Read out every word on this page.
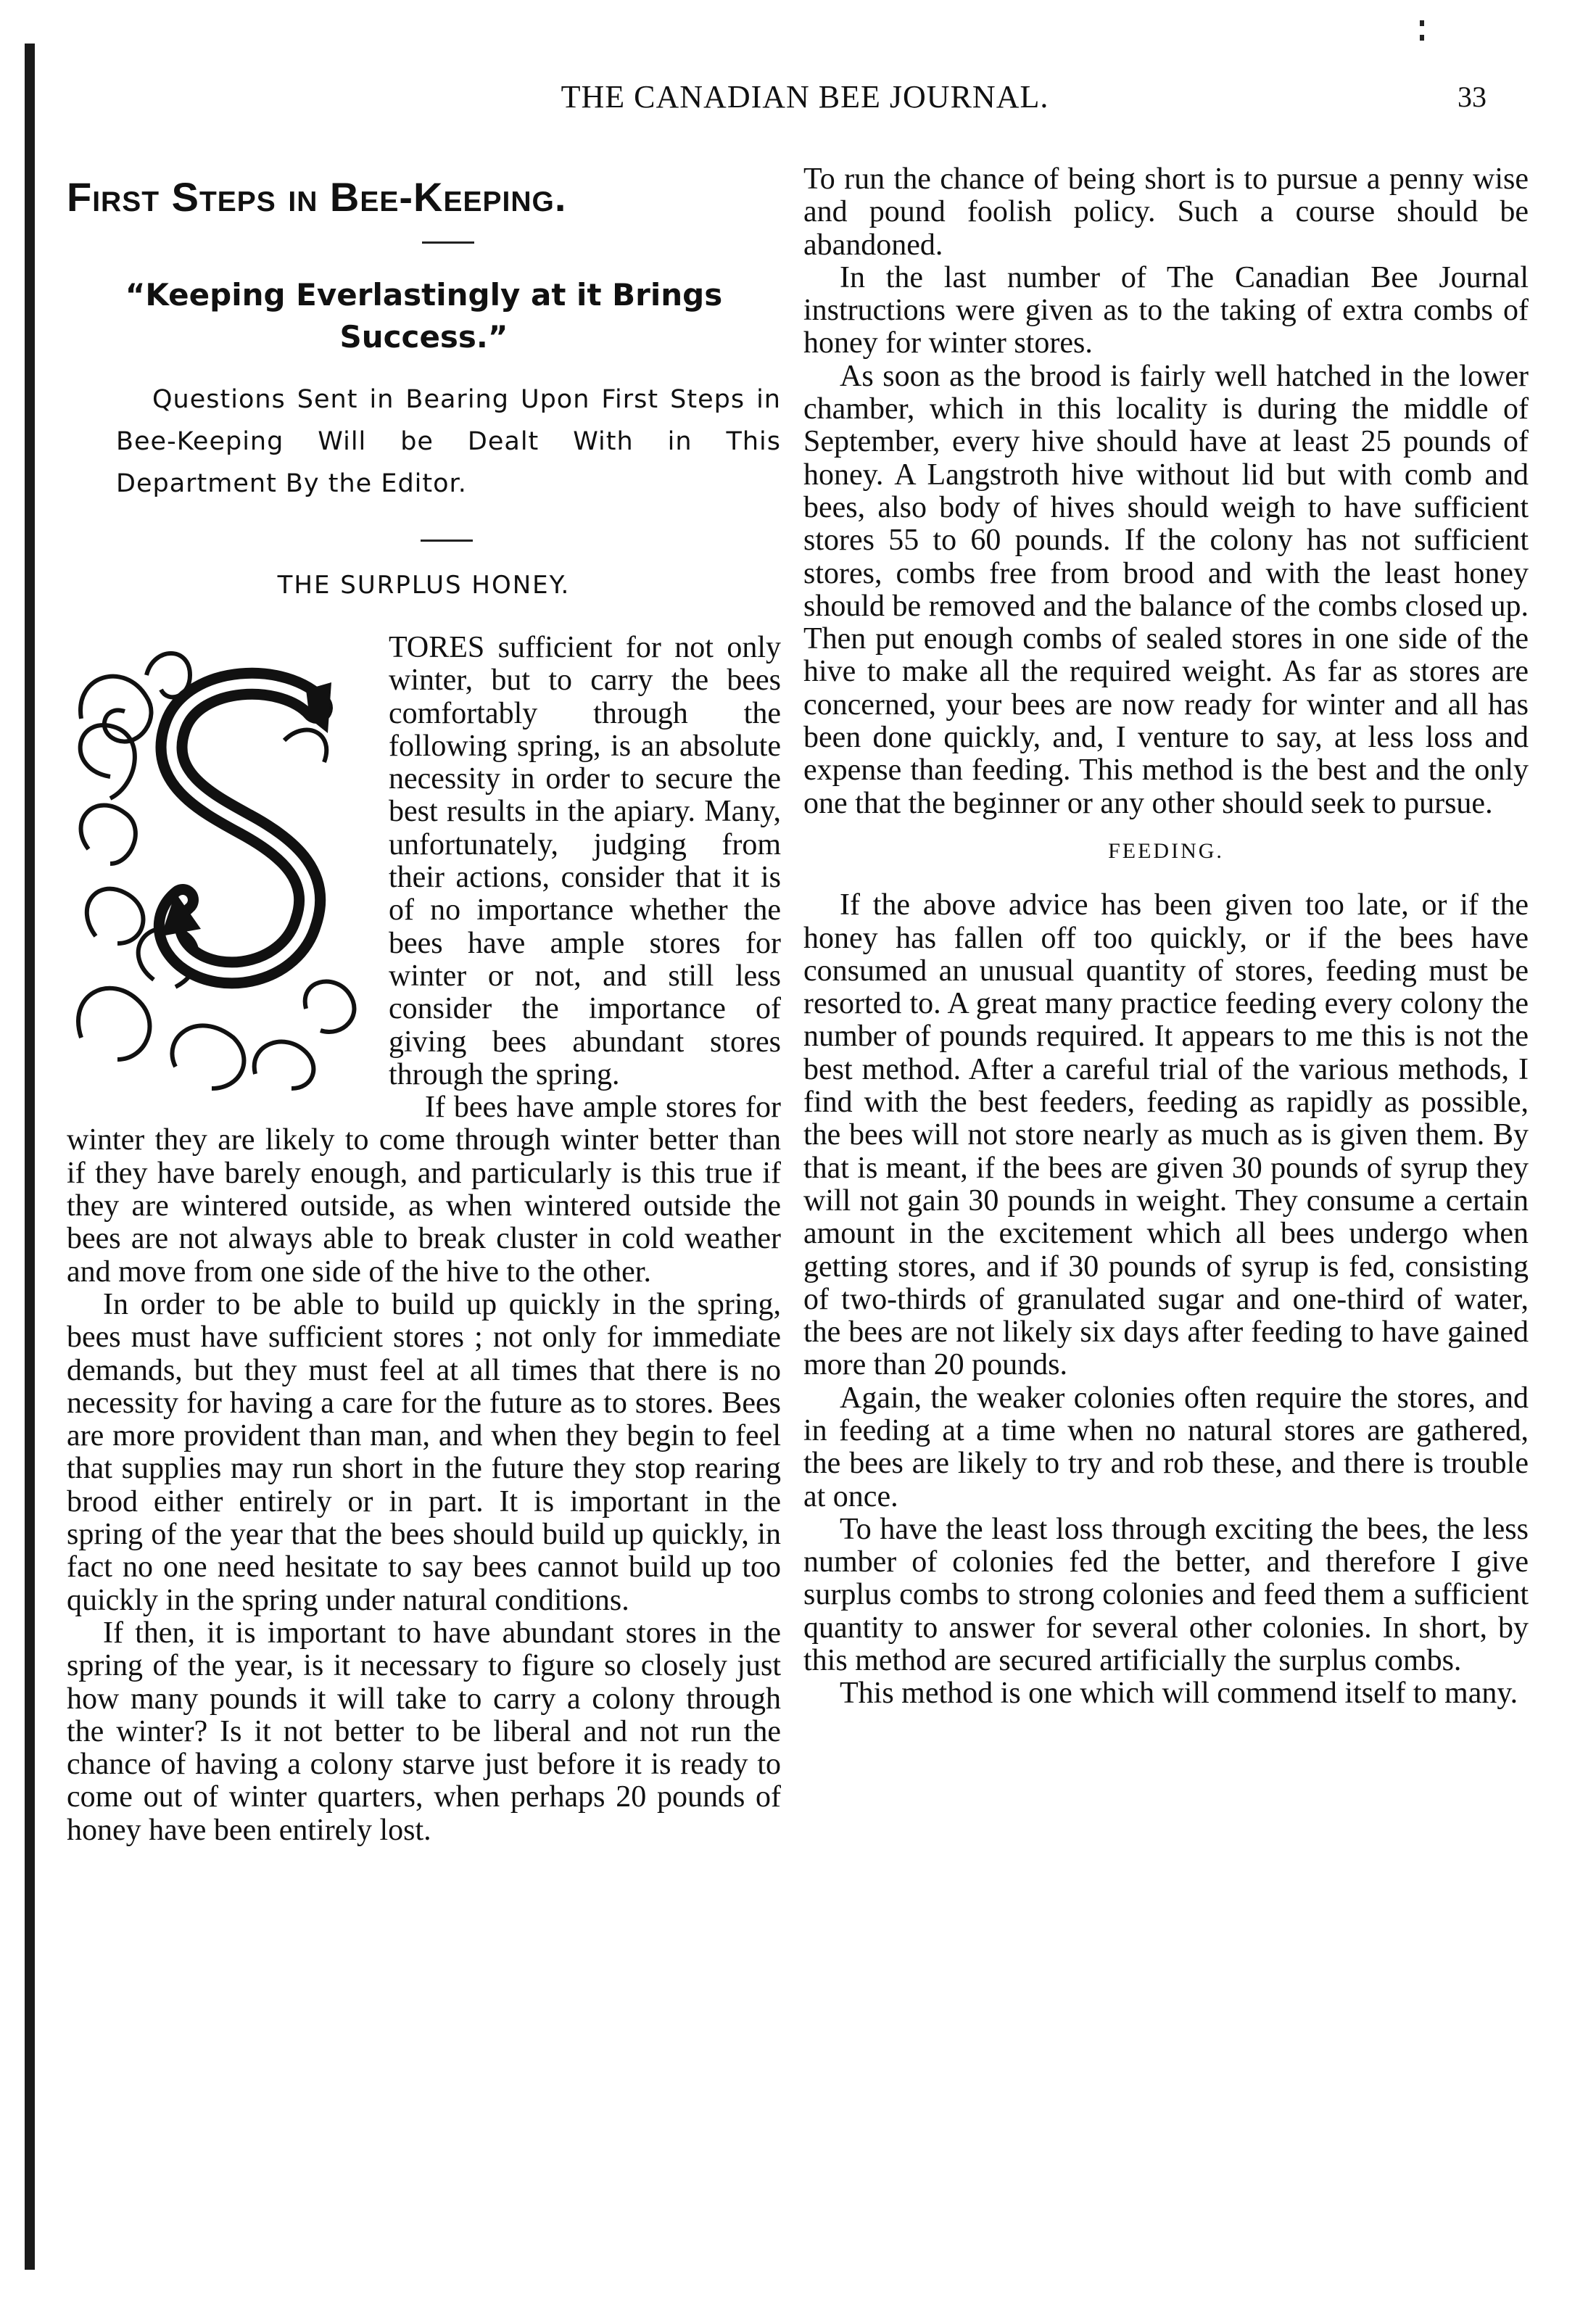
THE CANADIAN BEE JOURNAL.	33
First Steps in Bee-Keeping.
“Keeping Everlastingly at it Brings Success.”

Questions Sent in Bearing Upon First Steps in Bee-Keeping Will be Dealt With in This Department By the Editor.

THE SURPLUS HONEY.

TORES sufficient for not only winter, but to carry the bees comfortably through the following spring, is an absolute necessity in order to secure the best results in the apiary. Many, unfortunately, judging from their actions, consider that it is of no importance whether the bees have ample stores for winter or not, and still less consider the importance of giving bees abundant stores through the spring.

If bees have ample stores for winter they are likely to come through winter better than if they have barely enough, and particularly is this true if they are wintered outside, as when wintered outside the bees are not always able to break cluster in cold weather and move from one side of the hive to the other.

In order to be able to build up quickly in the spring, bees must have sufficient stores ; not only for immediate demands, but they must feel at all times that there is no necessity for having a care for the future as to stores. Bees are more provident than man, and when they begin to feel that supplies may run short in the future they stop rearing brood either entirely or in part. It is important in the spring of the year that the bees should build up quickly, in fact no one need hesitate to say bees cannot build up too quickly in the spring under natural conditions.

If then, it is important to have abundant stores in the spring of the year, is it necessary to figure so closely just how many pounds it will take to carry a colony through the winter? Is it not better to be liberal and not run the chance of having a colony starve just before it is ready to come out of winter quarters, when perhaps 20 pounds of honey have been entirely lost.

To run the chance of being short is to pursue a penny wise and pound foolish policy. Such a course should be abandoned.

In the last number of The Canadian Bee Journal instructions were given as to the taking of extra combs of honey for winter stores.

As soon as the brood is fairly well hatched in the lower chamber, which in this locality is during the middle of September, every hive should have at least 25 pounds of honey. A Langstroth hive without lid but with comb and bees, also body of hives should weigh to have sufficient stores 55 to 60 pounds. If the colony has not sufficient stores, combs free from brood and with the least honey should be removed and the balance of the combs closed up. Then put enough combs of sealed stores in one side of the hive to make all the required weight. As far as stores are concerned, your bees are now ready for winter and all has been done quickly, and, I venture to say, at less loss and expense than feeding. This method is the best and the only one that the beginner or any other should seek to pursue.

FEEDING.

If the above advice has been given too late, or if the honey has fallen off too quickly, or if the bees have consumed an unusual quantity of stores, feeding must be resorted to. A great many practice feeding every colony the number of pounds required. It appears to me this is not the best method. After a careful trial of the various methods, I find with the best feeders, feeding as rapidly as possible, the bees will not store nearly as much as is given them. By that is meant, if the bees are given 30 pounds of syrup they will not gain 30 pounds in weight. They consume a certain amount in the excitement which all bees undergo when getting stores, and if 30 pounds of syrup is fed, consisting of two-thirds of granulated sugar and one-third of water, the bees are not likely six days after feeding to have gained more than 20 pounds.

Again, the weaker colonies often require the stores, and in feeding at a time when no natural stores are gathered, the bees are likely to try and rob these, and there is trouble at once.

To have the least loss through exciting the bees, the less number of colonies fed the better, and therefore I give surplus combs to strong colonies and feed them a sufficient quantity to answer for several other colonies. In short, by this method are secured artificially the surplus combs.

This method is one which will commend itself to many.
